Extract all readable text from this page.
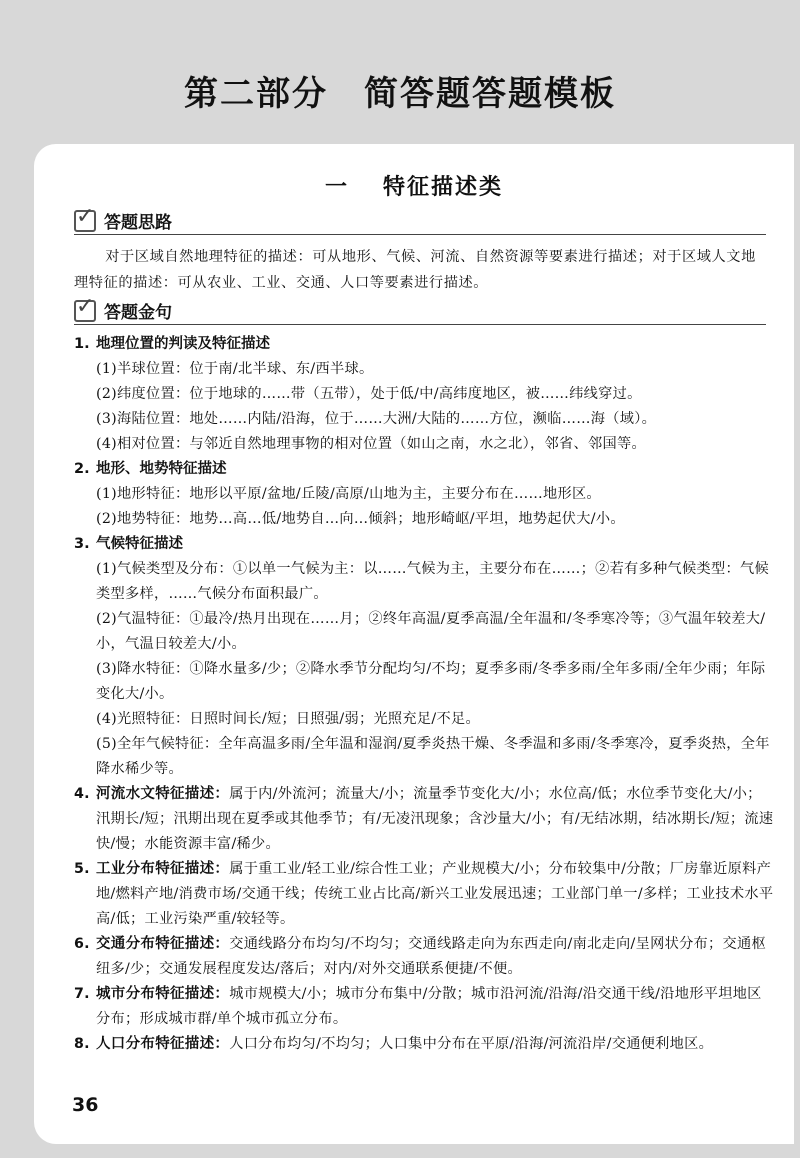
第二部分 简答题答题模板
一 特征描述类
✓ 答题思路
对于区域自然地理特征的描述：可从地形、气候、河流、自然资源等要素进行描述；对于区域人文地理特征的描述：可从农业、工业、交通、人口等要素进行描述。
✓ 答题金句
1. 地理位置的判读及特征描述
(1)半球位置：位于南/北半球、东/西半球。
(2)纬度位置：位于地球的……带（五带），处于低/中/高纬度地区，被……纬线穿过。
(3)海陆位置：地处……内陆/沿海，位于……大洲/大陆的……方位，濒临……海（域）。
(4)相对位置：与邻近自然地理事物的相对位置（如山之南，水之北），邻省、邻国等。
2. 地形、地势特征描述
(1)地形特征：地形以平原/盆地/丘陵/高原/山地为主，主要分布在……地形区。
(2)地势特征：地势…高…低/地势自…向…倾斜；地形崎岖/平坦，地势起伏大/小。
3. 气候特征描述
(1)气候类型及分布：①以单一气候为主：以……气候为主，主要分布在……；②若有多种气候类型：气候类型多样，……气候分布面积最广。
(2)气温特征：①最冷/热月出现在……月；②终年高温/夏季高温/全年温和/冬季寒冷等；③气温年较差大/小，气温日较差大/小。
(3)降水特征：①降水量多/少；②降水季节分配均匀/不均；夏季多雨/冬季多雨/全年多雨/全年少雨；年际变化大/小。
(4)光照特征：日照时间长/短；日照强/弱；光照充足/不足。
(5)全年气候特征：全年高温多雨/全年温和湿润/夏季炎热干燥、冬季温和多雨/冬季寒冷，夏季炎热，全年降水稀少等。
4. 河流水文特征描述：属于内/外流河；流量大/小；流量季节变化大/小；水位高/低；水位季节变化大/小；汛期长/短；汛期出现在夏季或其他季节；有/无凌汛现象；含沙量大/小；有/无结冰期，结冰期长/短；流速快/慢；水能资源丰富/稀少。
5. 工业分布特征描述：属于重工业/轻工业/综合性工业；产业规模大/小；分布较集中/分散；厂房靠近原料产地/燃料产地/消费市场/交通干线；传统工业占比高/新兴工业发展迅速；工业部门单一/多样；工业技术水平高/低；工业污染严重/较轻等。
6. 交通分布特征描述：交通线路分布均匀/不均匀；交通线路走向为东西走向/南北走向/呈网状分布；交通枢纽多/少；交通发展程度发达/落后；对内/对外交通联系便捷/不便。
7. 城市分布特征描述：城市规模大/小；城市分布集中/分散；城市沿河流/沿海/沿交通干线/沿地形平坦地区分布；形成城市群/单个城市孤立分布。
8. 人口分布特征描述：人口分布均匀/不均匀；人口集中分布在平原/沿海/河流沿岸/交通便利地区。
36
